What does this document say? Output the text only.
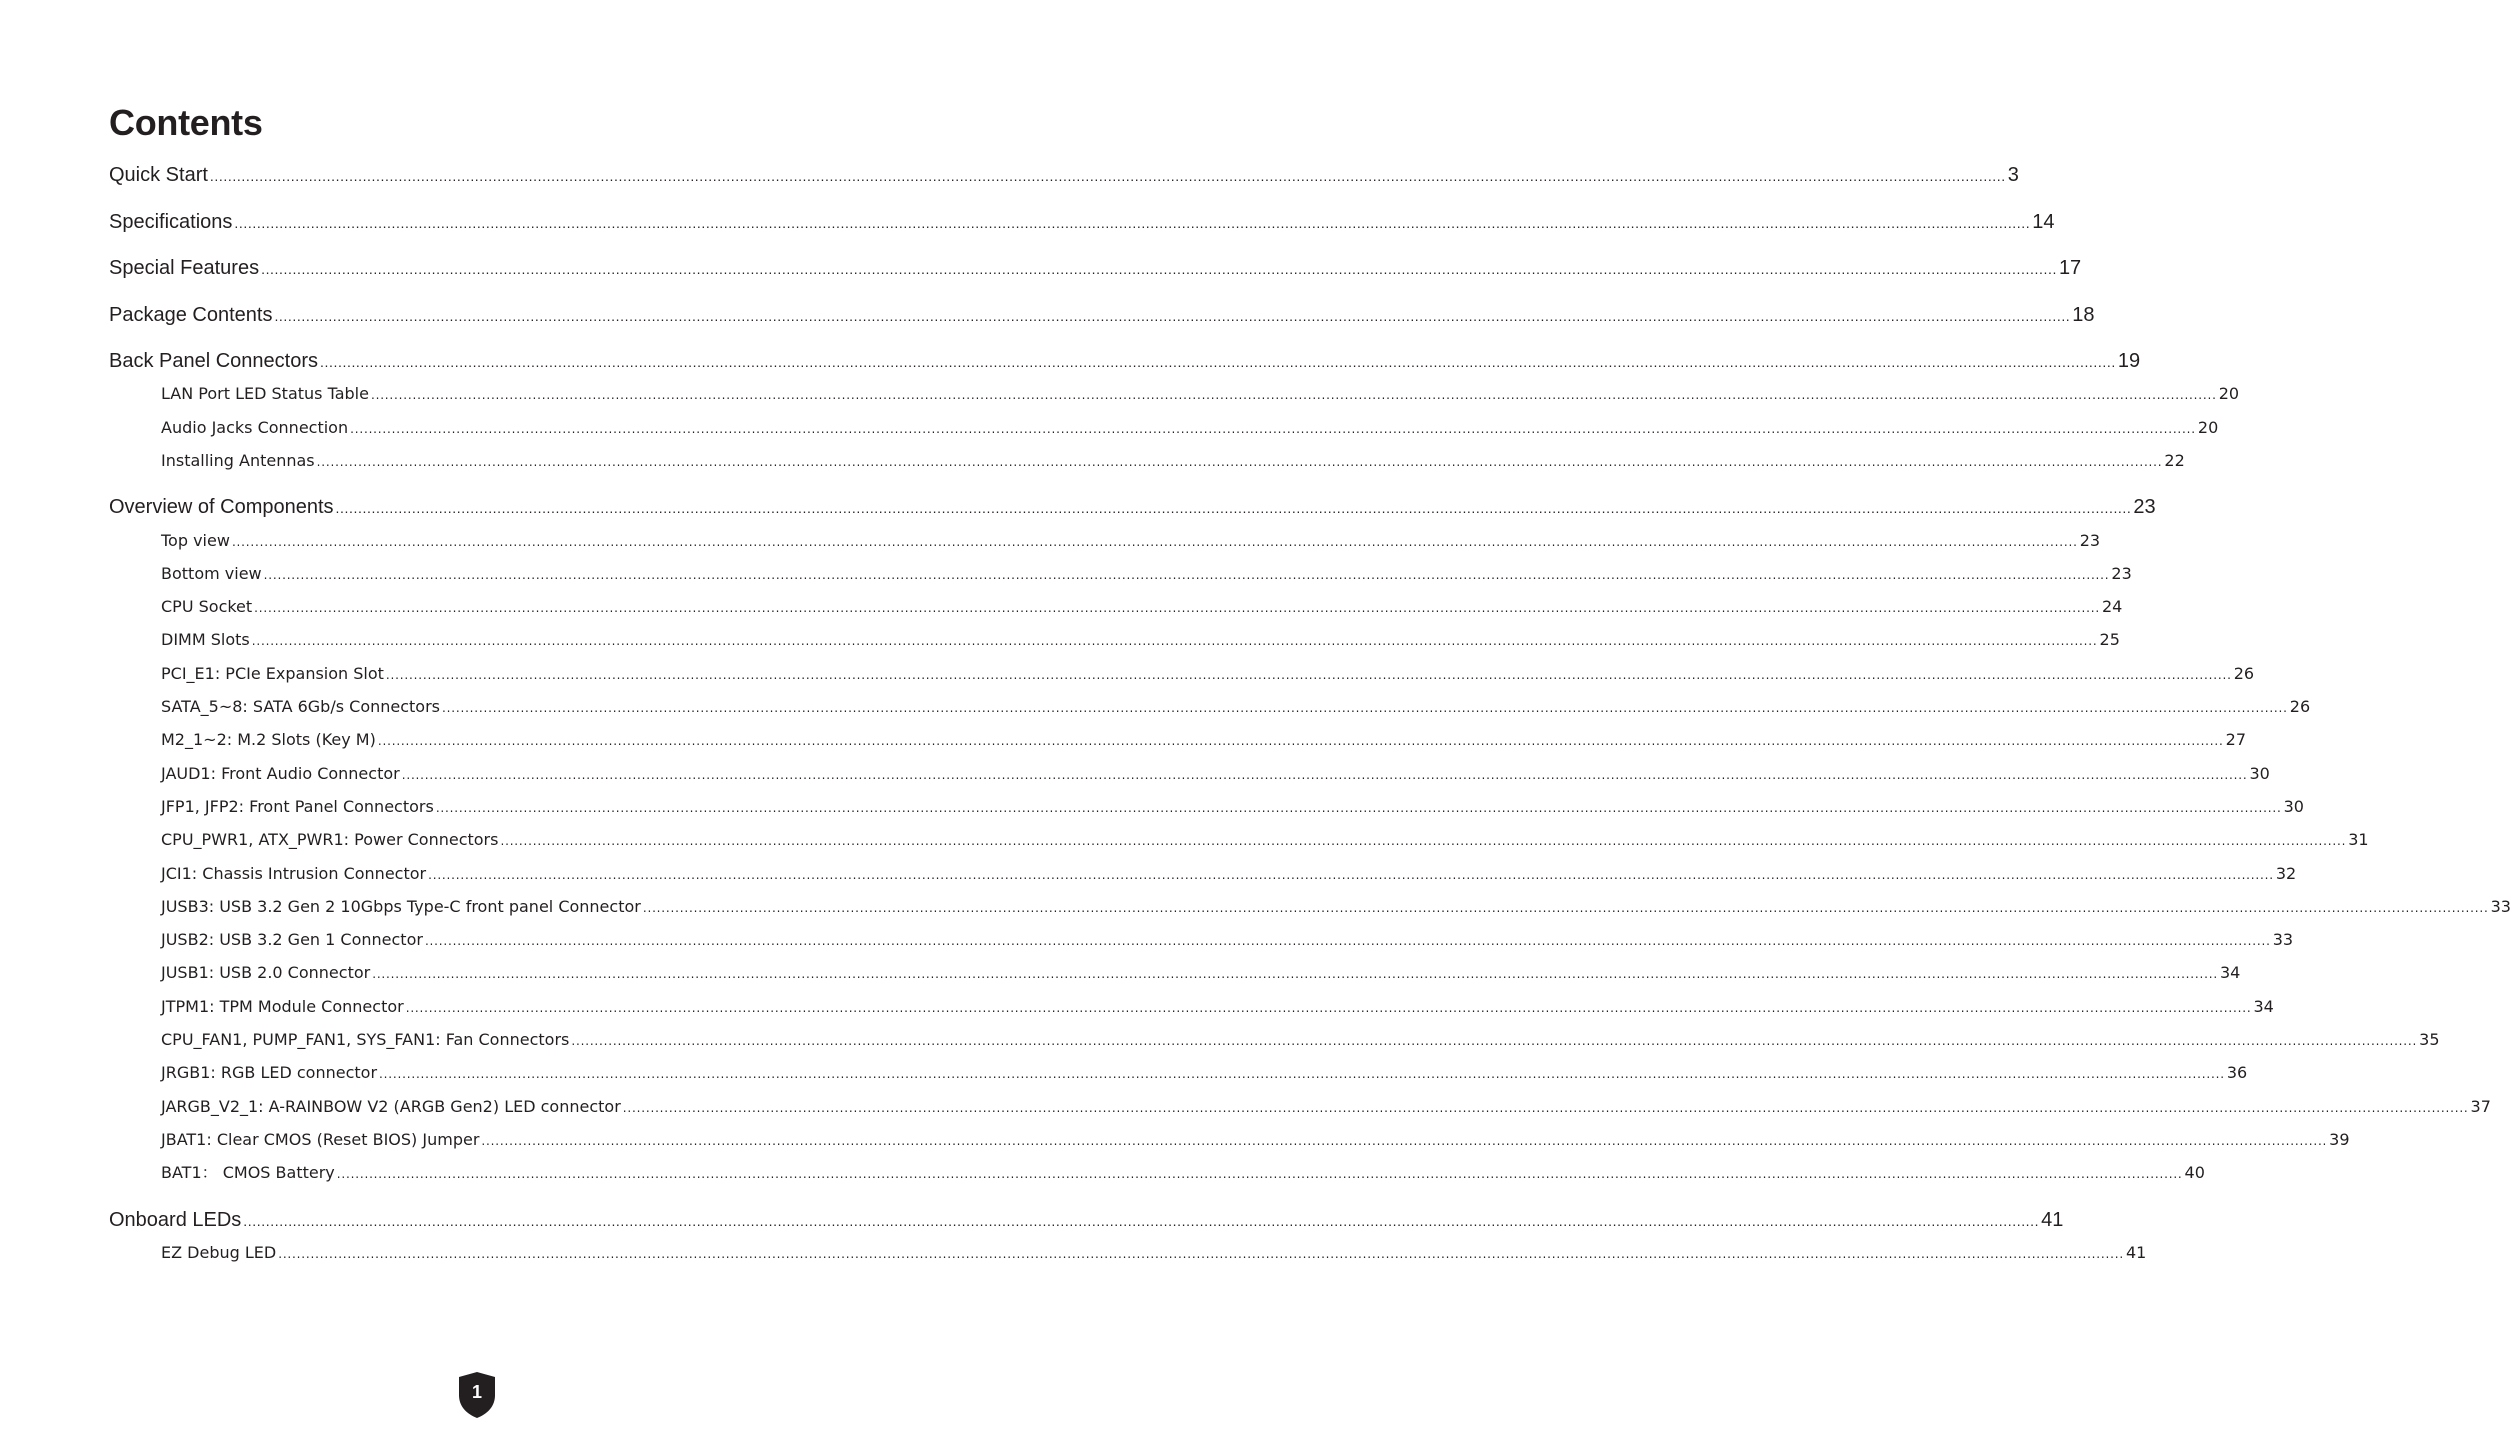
Contents
Quick Start ................................................................................................................................................................................................................................................................................................................................................................................................................ 3
Specifications ................................................................................................................................................................................................................................................................................................................................................................................................................ 14
Special Features ................................................................................................................................................................................................................................................................................................................................................................................................................ 17
Package Contents ................................................................................................................................................................................................................................................................................................................................................................................................................ 18
Back Panel Connectors ................................................................................................................................................................................................................................................................................................................................................................................................................ 19
LAN Port LED Status Table ................................................................................................................................................................................................................................................................................................................................................................................................................ 20
Audio Jacks Connection ................................................................................................................................................................................................................................................................................................................................................................................................................ 20
Installing Antennas ................................................................................................................................................................................................................................................................................................................................................................................................................ 22
Overview of Components ................................................................................................................................................................................................................................................................................................................................................................................................................ 23
Top view ................................................................................................................................................................................................................................................................................................................................................................................................................ 23
Bottom view ................................................................................................................................................................................................................................................................................................................................................................................................................ 23
CPU Socket ................................................................................................................................................................................................................................................................................................................................................................................................................ 24
DIMM Slots ................................................................................................................................................................................................................................................................................................................................................................................................................ 25
PCI_E1: PCIe Expansion Slot ................................................................................................................................................................................................................................................................................................................................................................................................................ 26
SATA_5~8: SATA 6Gb/s Connectors ................................................................................................................................................................................................................................................................................................................................................................................................................ 26
M2_1~2: M.2 Slots (Key M) ................................................................................................................................................................................................................................................................................................................................................................................................................ 27
JAUD1: Front Audio Connector ................................................................................................................................................................................................................................................................................................................................................................................................................ 30
JFP1, JFP2: Front Panel Connectors ................................................................................................................................................................................................................................................................................................................................................................................................................ 30
CPU_PWR1, ATX_PWR1: Power Connectors ................................................................................................................................................................................................................................................................................................................................................................................................................ 31
JCI1: Chassis Intrusion Connector ................................................................................................................................................................................................................................................................................................................................................................................................................ 32
JUSB3: USB 3.2 Gen 2 10Gbps Type-C front panel Connector ................................................................................................................................................................................................................................................................................................................................................................................................................ 33
JUSB2: USB 3.2 Gen 1 Connector ................................................................................................................................................................................................................................................................................................................................................................................................................ 33
JUSB1: USB 2.0 Connector ................................................................................................................................................................................................................................................................................................................................................................................................................ 34
JTPM1: TPM Module Connector ................................................................................................................................................................................................................................................................................................................................................................................................................ 34
CPU_FAN1, PUMP_FAN1, SYS_FAN1: Fan Connectors ................................................................................................................................................................................................................................................................................................................................................................................................................ 35
JRGB1: RGB LED connector ................................................................................................................................................................................................................................................................................................................................................................................................................ 36
JARGB_V2_1: A-RAINBOW V2 (ARGB Gen2) LED connector ................................................................................................................................................................................................................................................................................................................................................................................................................ 37
JBAT1: Clear CMOS (Reset BIOS) Jumper ................................................................................................................................................................................................................................................................................................................................................................................................................ 39
BAT1： CMOS Battery ................................................................................................................................................................................................................................................................................................................................................................................................................ 40
Onboard LEDs ................................................................................................................................................................................................................................................................................................................................................................................................................ 41
EZ Debug LED ................................................................................................................................................................................................................................................................................................................................................................................................................ 41
1
